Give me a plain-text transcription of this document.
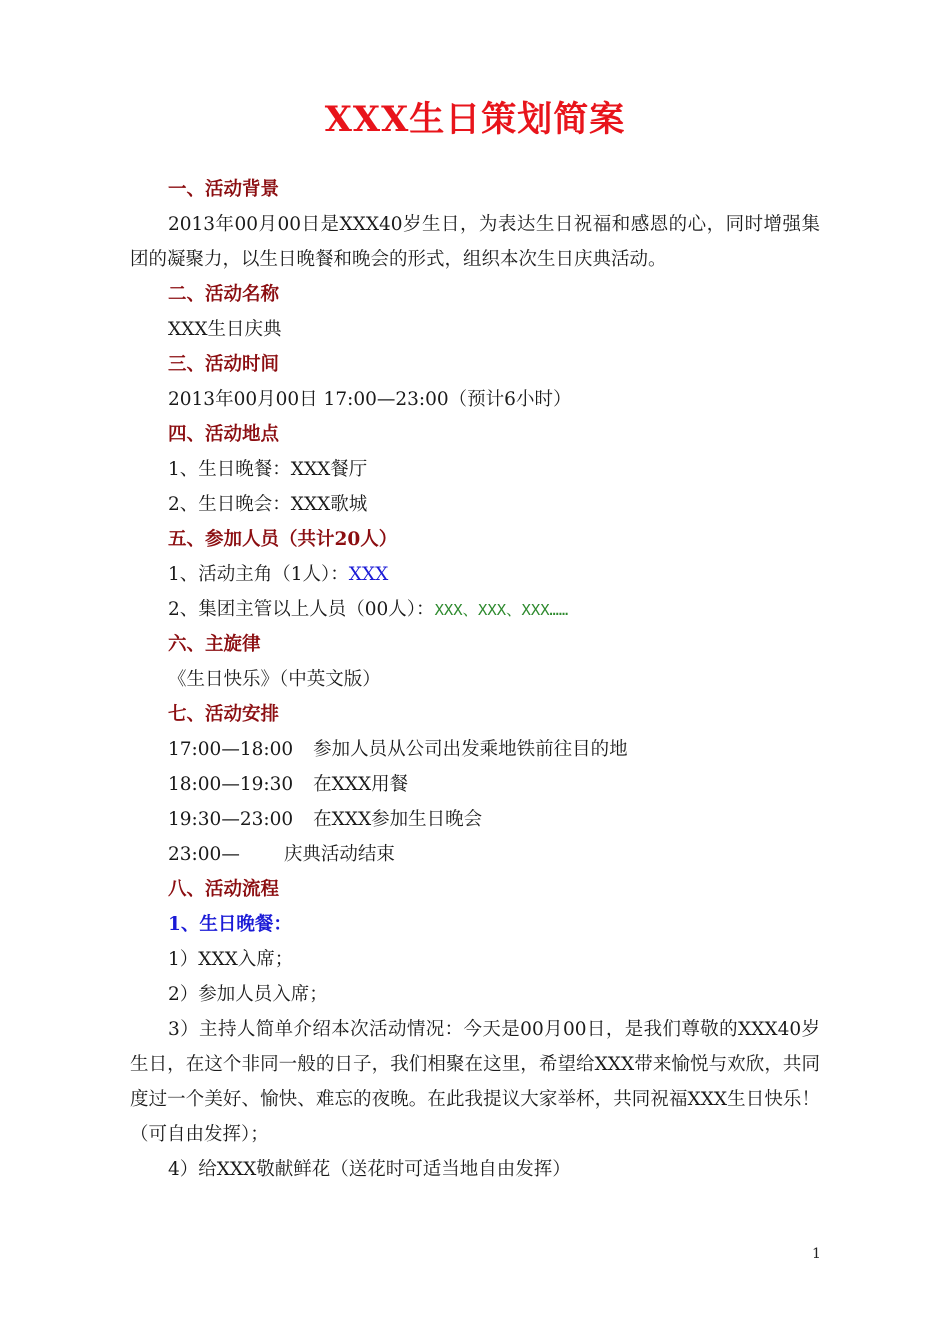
XXX生日策划简案
一、活动背景
2013年00月00日是XXX40岁生日，为表达生日祝福和感恩的心，同时增强集团的凝聚力，以生日晚餐和晚会的形式，组织本次生日庆典活动。
二、活动名称
XXX生日庆典
三、活动时间
2013年00月00日 17:00—23:00（预计6小时）
四、活动地点
1、生日晚餐：XXX餐厅
2、生日晚会：XXX歌城
五、参加人员（共计20人）
1、活动主角（1人）：XXX
2、集团主管以上人员（00人）：XXX、XXX、XXX……
六、主旋律
《生日快乐》（中英文版）
七、活动安排
17:00—18:00 参加人员从公司出发乘地铁前往目的地
18:00—19:30 在XXX用餐
19:30—23:00 在XXX参加生日晚会
23:00— 庆典活动结束
八、活动流程
1、生日晚餐：
1）XXX入席；
2）参加人员入席；
3）主持人简单介绍本次活动情况：今天是00月00日，是我们尊敬的XXX40岁生日，在这个非同一般的日子，我们相聚在这里，希望给XXX带来愉悦与欢欣，共同度过一个美好、愉快、难忘的夜晚。在此我提议大家举杯，共同祝福XXX生日快乐！（可自由发挥）；
4）给XXX敬献鲜花（送花时可适当地自由发挥）
1
